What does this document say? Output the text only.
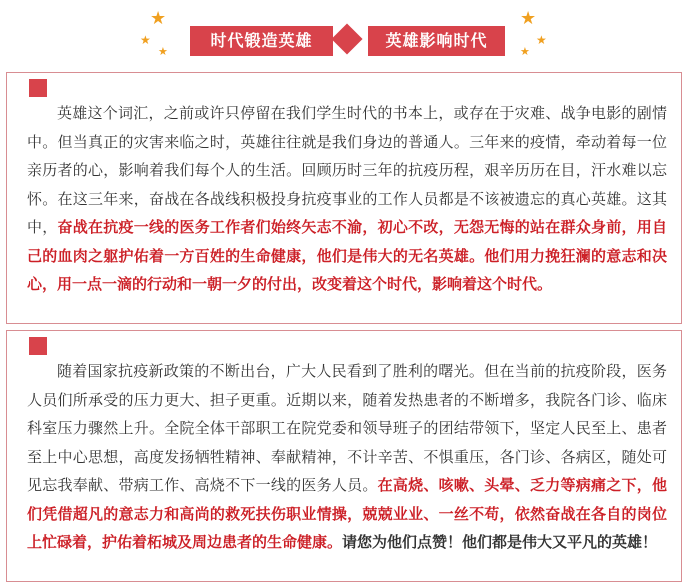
★
★
★
★
★
★
时代锻造英雄	英雄影响时代

英雄这个词汇，之前或许只停留在我们学生时代的书本上，或存在于灾难、战争电影的剧情中。但当真正的灾害来临之时，英雄往往就是我们身边的普通人。三年来的疫情，牵动着每一位亲历者的心，影响着我们每个人的生活。回顾历时三年的抗疫历程，艰辛历历在目，汗水难以忘怀。在这三年来，奋战在各战线积极投身抗疫事业的工作人员都是不该被遗忘的真心英雄。这其中，奋战在抗疫一线的医务工作者们始终矢志不渝，初心不改，无怨无悔的站在群众身前，用自己的血肉之躯护佑着一方百姓的生命健康，他们是伟大的无名英雄。他们用力挽狂澜的意志和决心，用一点一滴的行动和一朝一夕的付出，改变着这个时代，影响着这个时代。

随着国家抗疫新政策的不断出台，广大人民看到了胜利的曙光。但在当前的抗疫阶段，医务人员们所承受的压力更大、担子更重。近期以来，随着发热患者的不断增多，我院各门诊、临床科室压力骤然上升。全院全体干部职工在院党委和领导班子的团结带领下，坚定人民至上、患者至上中心思想，高度发扬牺牲精神、奉献精神，不计辛苦、不惧重压，各门诊、各病区，随处可见忘我奉献、带病工作、高烧不下一线的医务人员。在高烧、咳嗽、头晕、乏力等病痛之下，他们凭借超凡的意志力和高尚的救死扶伤职业情操，兢兢业业、一丝不苟，依然奋战在各自的岗位上忙碌着，护佑着柘城及周边患者的生命健康。请您为他们点赞！他们都是伟大又平凡的英雄！
